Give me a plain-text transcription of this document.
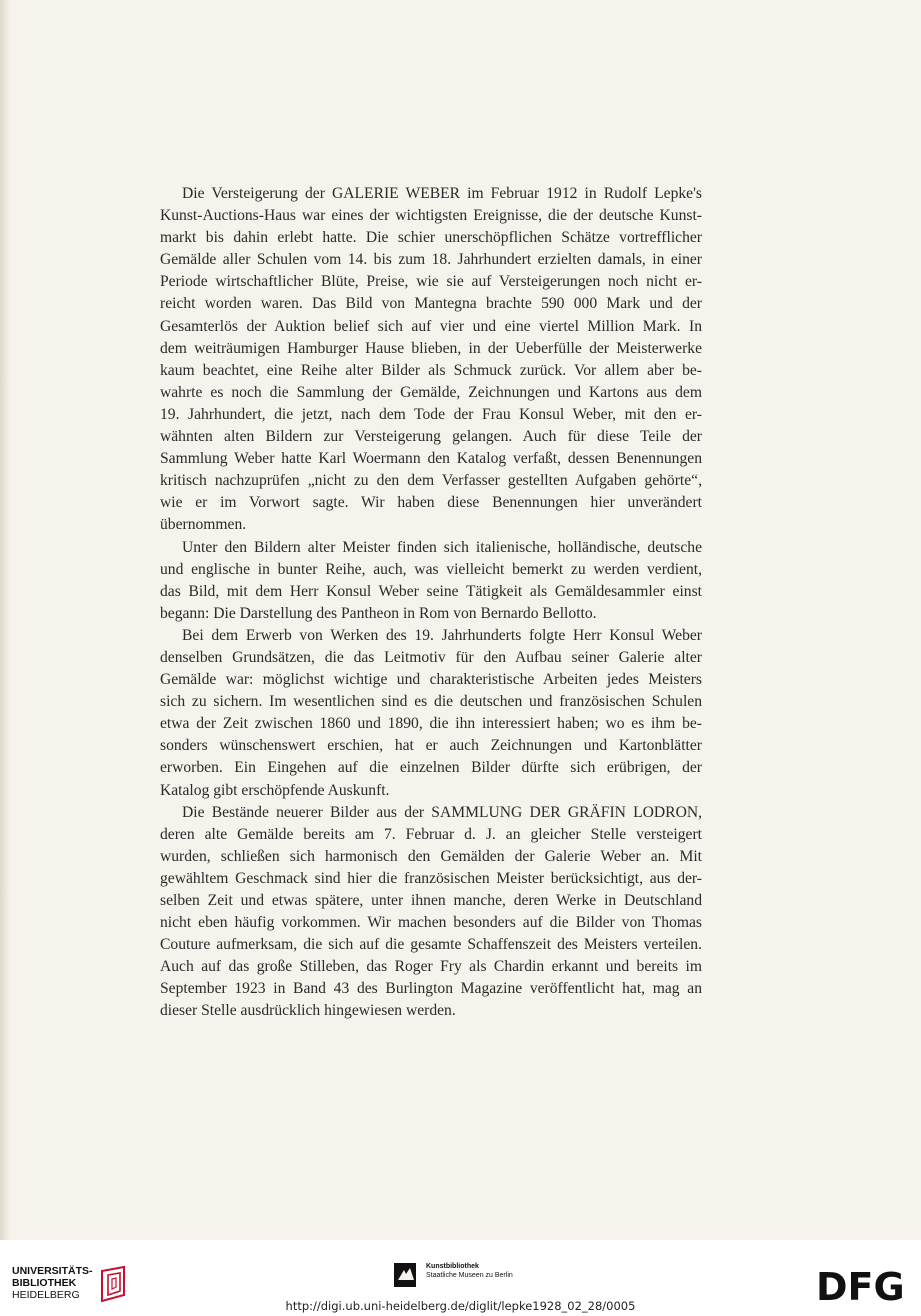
Die Versteigerung der GALERIE WEBER im Februar 1912 in Rudolf Lepke's
Kunst-Auctions-Haus war eines der wichtigsten Ereignisse, die der deutsche Kunst-
markt bis dahin erlebt hatte. Die schier unerschöpflichen Schätze vortrefflicher
Gemälde aller Schulen vom 14. bis zum 18. Jahrhundert erzielten damals, in einer
Periode wirtschaftlicher Blüte, Preise, wie sie auf Versteigerungen noch nicht er-
reicht worden waren. Das Bild von Mantegna brachte 590 000 Mark und der
Gesamterlös der Auktion belief sich auf vier und eine viertel Million Mark. In
dem weiträumigen Hamburger Hause blieben, in der Ueberfülle der Meisterwerke
kaum beachtet, eine Reihe alter Bilder als Schmuck zurück. Vor allem aber be-
wahrte es noch die Sammlung der Gemälde, Zeichnungen und Kartons aus dem
19. Jahrhundert, die jetzt, nach dem Tode der Frau Konsul Weber, mit den er-
wähnten alten Bildern zur Versteigerung gelangen. Auch für diese Teile der
Sammlung Weber hatte Karl Woermann den Katalog verfaßt, dessen Benennungen
kritisch nachzuprüfen „nicht zu den dem Verfasser gestellten Aufgaben gehörte“,
wie er im Vorwort sagte. Wir haben diese Benennungen hier unverändert
übernommen.
Unter den Bildern alter Meister finden sich italienische, holländische, deutsche
und englische in bunter Reihe, auch, was vielleicht bemerkt zu werden verdient,
das Bild, mit dem Herr Konsul Weber seine Tätigkeit als Gemäldesammler einst
begann: Die Darstellung des Pantheon in Rom von Bernardo Bellotto.
Bei dem Erwerb von Werken des 19. Jahrhunderts folgte Herr Konsul Weber
denselben Grundsätzen, die das Leitmotiv für den Aufbau seiner Galerie alter
Gemälde war: möglichst wichtige und charakteristische Arbeiten jedes Meisters
sich zu sichern. Im wesentlichen sind es die deutschen und französischen Schulen
etwa der Zeit zwischen 1860 und 1890, die ihn interessiert haben; wo es ihm be-
sonders wünschenswert erschien, hat er auch Zeichnungen und Kartonblätter
erworben. Ein Eingehen auf die einzelnen Bilder dürfte sich erübrigen, der
Katalog gibt erschöpfende Auskunft.
Die Bestände neuerer Bilder aus der SAMMLUNG DER GRÄFIN LODRON,
deren alte Gemälde bereits am 7. Februar d. J. an gleicher Stelle versteigert
wurden, schließen sich harmonisch den Gemälden der Galerie Weber an. Mit
gewähltem Geschmack sind hier die französischen Meister berücksichtigt, aus der-
selben Zeit und etwas spätere, unter ihnen manche, deren Werke in Deutschland
nicht eben häufig vorkommen. Wir machen besonders auf die Bilder von Thomas
Couture aufmerksam, die sich auf die gesamte Schaffenszeit des Meisters verteilen.
Auch auf das große Stilleben, das Roger Fry als Chardin erkannt und bereits im
September 1923 in Band 43 des Burlington Magazine veröffentlicht hat, mag an
dieser Stelle ausdrücklich hingewiesen werden.
UNIVERSITÄTS-
BIBLIOTHEK
HEIDELBERG
Kunstbibliothek
Staatliche Museen zu Berlin
http://digi.ub.uni-heidelberg.de/diglit/lepke1928_02_28/0005	DFG
